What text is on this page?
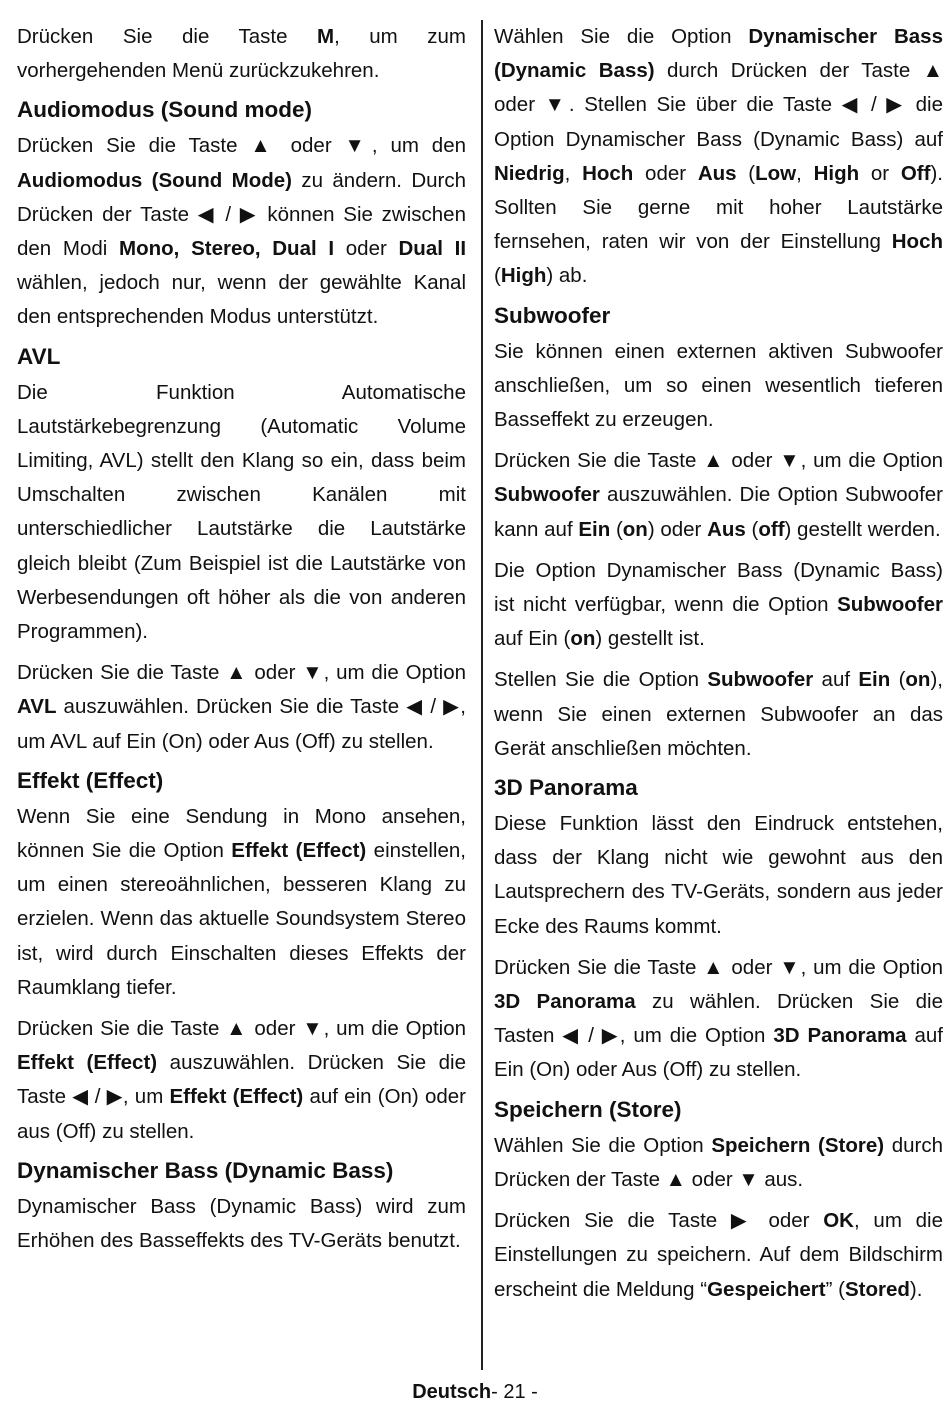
Drücken Sie die Taste M, um zum vorhergehenden Menü zurückzukehren.

Audiomodus (Sound mode)

Drücken Sie die Taste ▲ oder ▼, um den Audiomodus (Sound Mode) zu ändern. Durch Drücken der Taste ◀ / ▶ können Sie zwischen den Modi Mono, Stereo, Dual I oder Dual II wählen, jedoch nur, wenn der gewählte Kanal den entsprechenden Modus unterstützt.

AVL

Die Funktion Automatische Lautstärkebegrenzung (Automatic Volume Limiting, AVL) stellt den Klang so ein, dass beim Umschalten zwischen Kanälen mit unterschiedlicher Lautstärke die Lautstärke gleich bleibt (Zum Beispiel ist die Lautstärke von Werbesendungen oft höher als die von anderen Programmen).

Drücken Sie die Taste ▲ oder ▼, um die Option AVL auszuwählen. Drücken Sie die Taste ◀ / ▶, um AVL auf Ein (On) oder Aus (Off) zu stellen.

Effekt (Effect)

Wenn Sie eine Sendung in Mono ansehen, können Sie die Option Effekt (Effect) einstellen, um einen stereoähnlichen, besseren Klang zu erzielen. Wenn das aktuelle Soundsystem Stereo ist, wird durch Einschalten dieses Effekts der Raumklang tiefer.

Drücken Sie die Taste ▲ oder ▼, um die Option Effekt (Effect) auszuwählen. Drücken Sie die Taste ◀ / ▶, um Effekt (Effect) auf ein (On) oder aus (Off) zu stellen.

Dynamischer Bass (Dynamic Bass)

Dynamischer Bass (Dynamic Bass) wird zum Erhöhen des Basseffekts des TV-Geräts benutzt.

Wählen Sie die Option Dynamischer Bass (Dynamic Bass) durch Drücken der Taste ▲ oder ▼. Stellen Sie über die Taste ◀ / ▶ die Option Dynamischer Bass (Dynamic Bass) auf Niedrig, Hoch oder Aus (Low, High or Off). Sollten Sie gerne mit hoher Lautstärke fernsehen, raten wir von der Einstellung Hoch (High) ab.

Subwoofer

Sie können einen externen aktiven Subwoofer anschließen, um so einen wesentlich tieferen Basseffekt zu erzeugen.

Drücken Sie die Taste ▲ oder ▼, um die Option Subwoofer auszuwählen. Die Option Subwoofer kann auf Ein (on) oder Aus (off) gestellt werden.

Die Option Dynamischer Bass (Dynamic Bass) ist nicht verfügbar, wenn die Option Subwoofer auf Ein (on) gestellt ist.

Stellen Sie die Option Subwoofer auf Ein (on), wenn Sie einen externen Subwoofer an das Gerät anschließen möchten.

3D Panorama

Diese Funktion lässt den Eindruck entstehen, dass der Klang nicht wie gewohnt aus den Lautsprechern des TV-Geräts, sondern aus jeder Ecke des Raums kommt.

Drücken Sie die Taste ▲ oder ▼, um die Option 3D Panorama zu wählen. Drücken Sie die Tasten ◀ / ▶, um die Option 3D Panorama auf Ein (On) oder Aus (Off) zu stellen.

Speichern (Store)

Wählen Sie die Option Speichern (Store) durch Drücken der Taste ▲ oder ▼ aus.

Drücken Sie die Taste ▶ oder OK, um die Einstellungen zu speichern. Auf dem Bildschirm erscheint die Meldung “Gespeichert” (Stored).

Deutsch- 21 -
